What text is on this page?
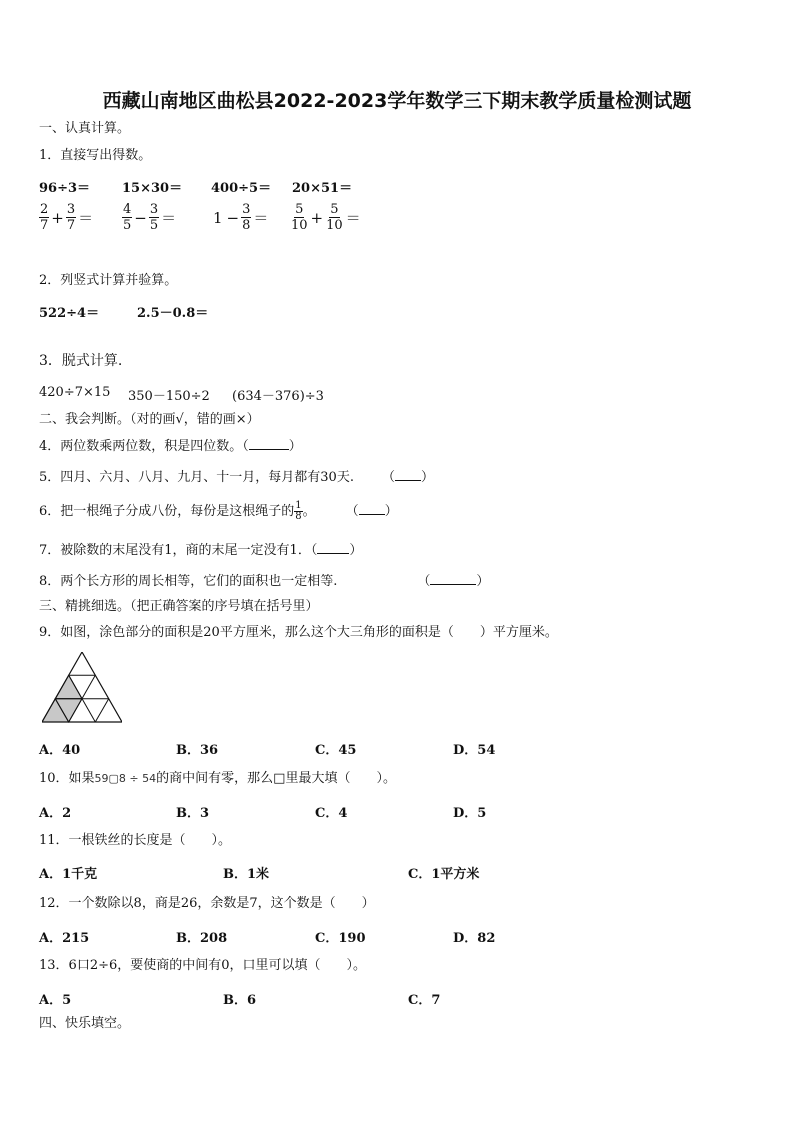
西藏山南地区曲松县2022-2023学年数学三下期末教学质量检测试题
一、认真计算。
1．直接写出得数。
96÷3＝ 15×30＝ 400÷5＝ 20×51＝
$\frac{2}{7} + \frac{3}{7} = \frac{4}{5} - \frac{3}{5} = 1 - \frac{3}{8} = \frac{5}{10} + \frac{5}{10}$ ＝
2．列竖式计算并验算。
522÷4＝	2.5－0.8＝
3．脱式计算.
420÷7×15 350－150÷2 (634－376)÷3
二、我会判断。（对的画√，错的画×）
4．两位数乘两位数，积是四位数。（	）
5．四月、六月、八月、九月、十一月，每月都有30天. （ ）
6．把一根绳子分成八份，每份是这根绳子的 $\frac{1}{8}$ 。 （ ）
7．被除数的末尾没有1，商的末尾一定没有1．（ ）
8．两个长方形的周长相等，它们的面积也一定相等.	（	）
三、精挑细选。（把正确答案的序号填在括号里）
9．如图，涂色部分的面积是20平方厘米，那么这个大三角形的面积是（　　）平方厘米。
A．40	B．36	C．45	D．54
10．如果59▢8 ÷ 54的商中间有零，那么□里最大填（　　）。
A．2	B．3	C．4	D．5
11．一根铁丝的长度是（　　）。
A．1千克	B．1米	C．1平方米
12．一个数除以8，商是26，余数是7，这个数是（　　）
A．215	B．208	C．190	D．82
13．6口2÷6，要使商的中间有0，口里可以填（　　）。
A．5	B．6	C．7
四、快乐填空。
